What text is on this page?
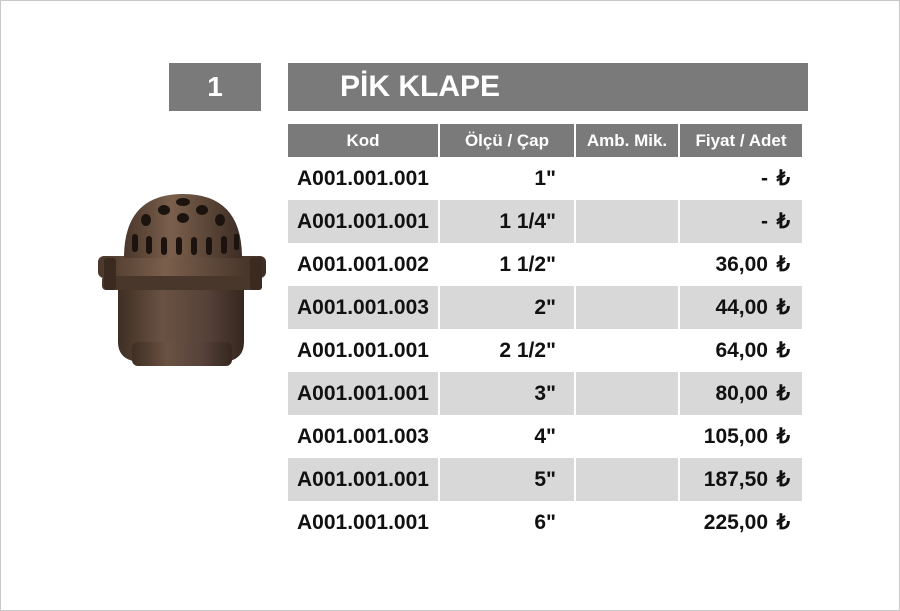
1	PİK KLAPE
Kod	Ölçü / Çap	Amb. Mik.	Fiyat / Adet
A001.001.001	1"		- ₺
A001.001.001	1 1/4"		- ₺
A001.001.002	1 1/2"		36,00 ₺
A001.001.003	2"		44,00 ₺
A001.001.001	2 1/2"		64,00 ₺
A001.001.001	3"		80,00 ₺
A001.001.003	4"		105,00 ₺
A001.001.001	5"		187,50 ₺
A001.001.001	6"		225,00 ₺
